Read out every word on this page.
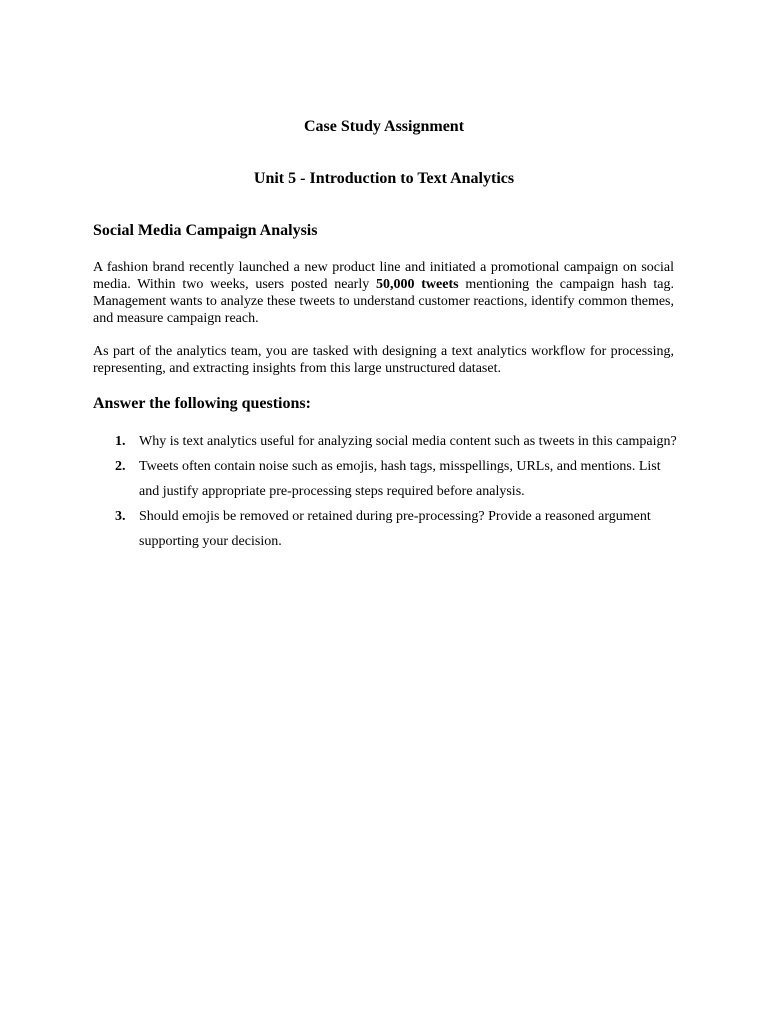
Case Study Assignment
Unit 5 - Introduction to Text Analytics
Social Media Campaign Analysis

A fashion brand recently launched a new product line and initiated a promotional campaign on social media. Within two weeks, users posted nearly 50,000 tweets mentioning the campaign hash tag. Management wants to analyze these tweets to understand customer reactions, identify common themes, and measure campaign reach.

As part of the analytics team, you are tasked with designing a text analytics workflow for processing, representing, and extracting insights from this large unstructured dataset.

Answer the following questions:
1. Why is text analytics useful for analyzing social media content such as tweets in this campaign?
2. Tweets often contain noise such as emojis, hash tags, misspellings, URLs, and mentions. List and justify appropriate pre-processing steps required before analysis.
3. Should emojis be removed or retained during pre-processing? Provide a reasoned argument supporting your decision.
